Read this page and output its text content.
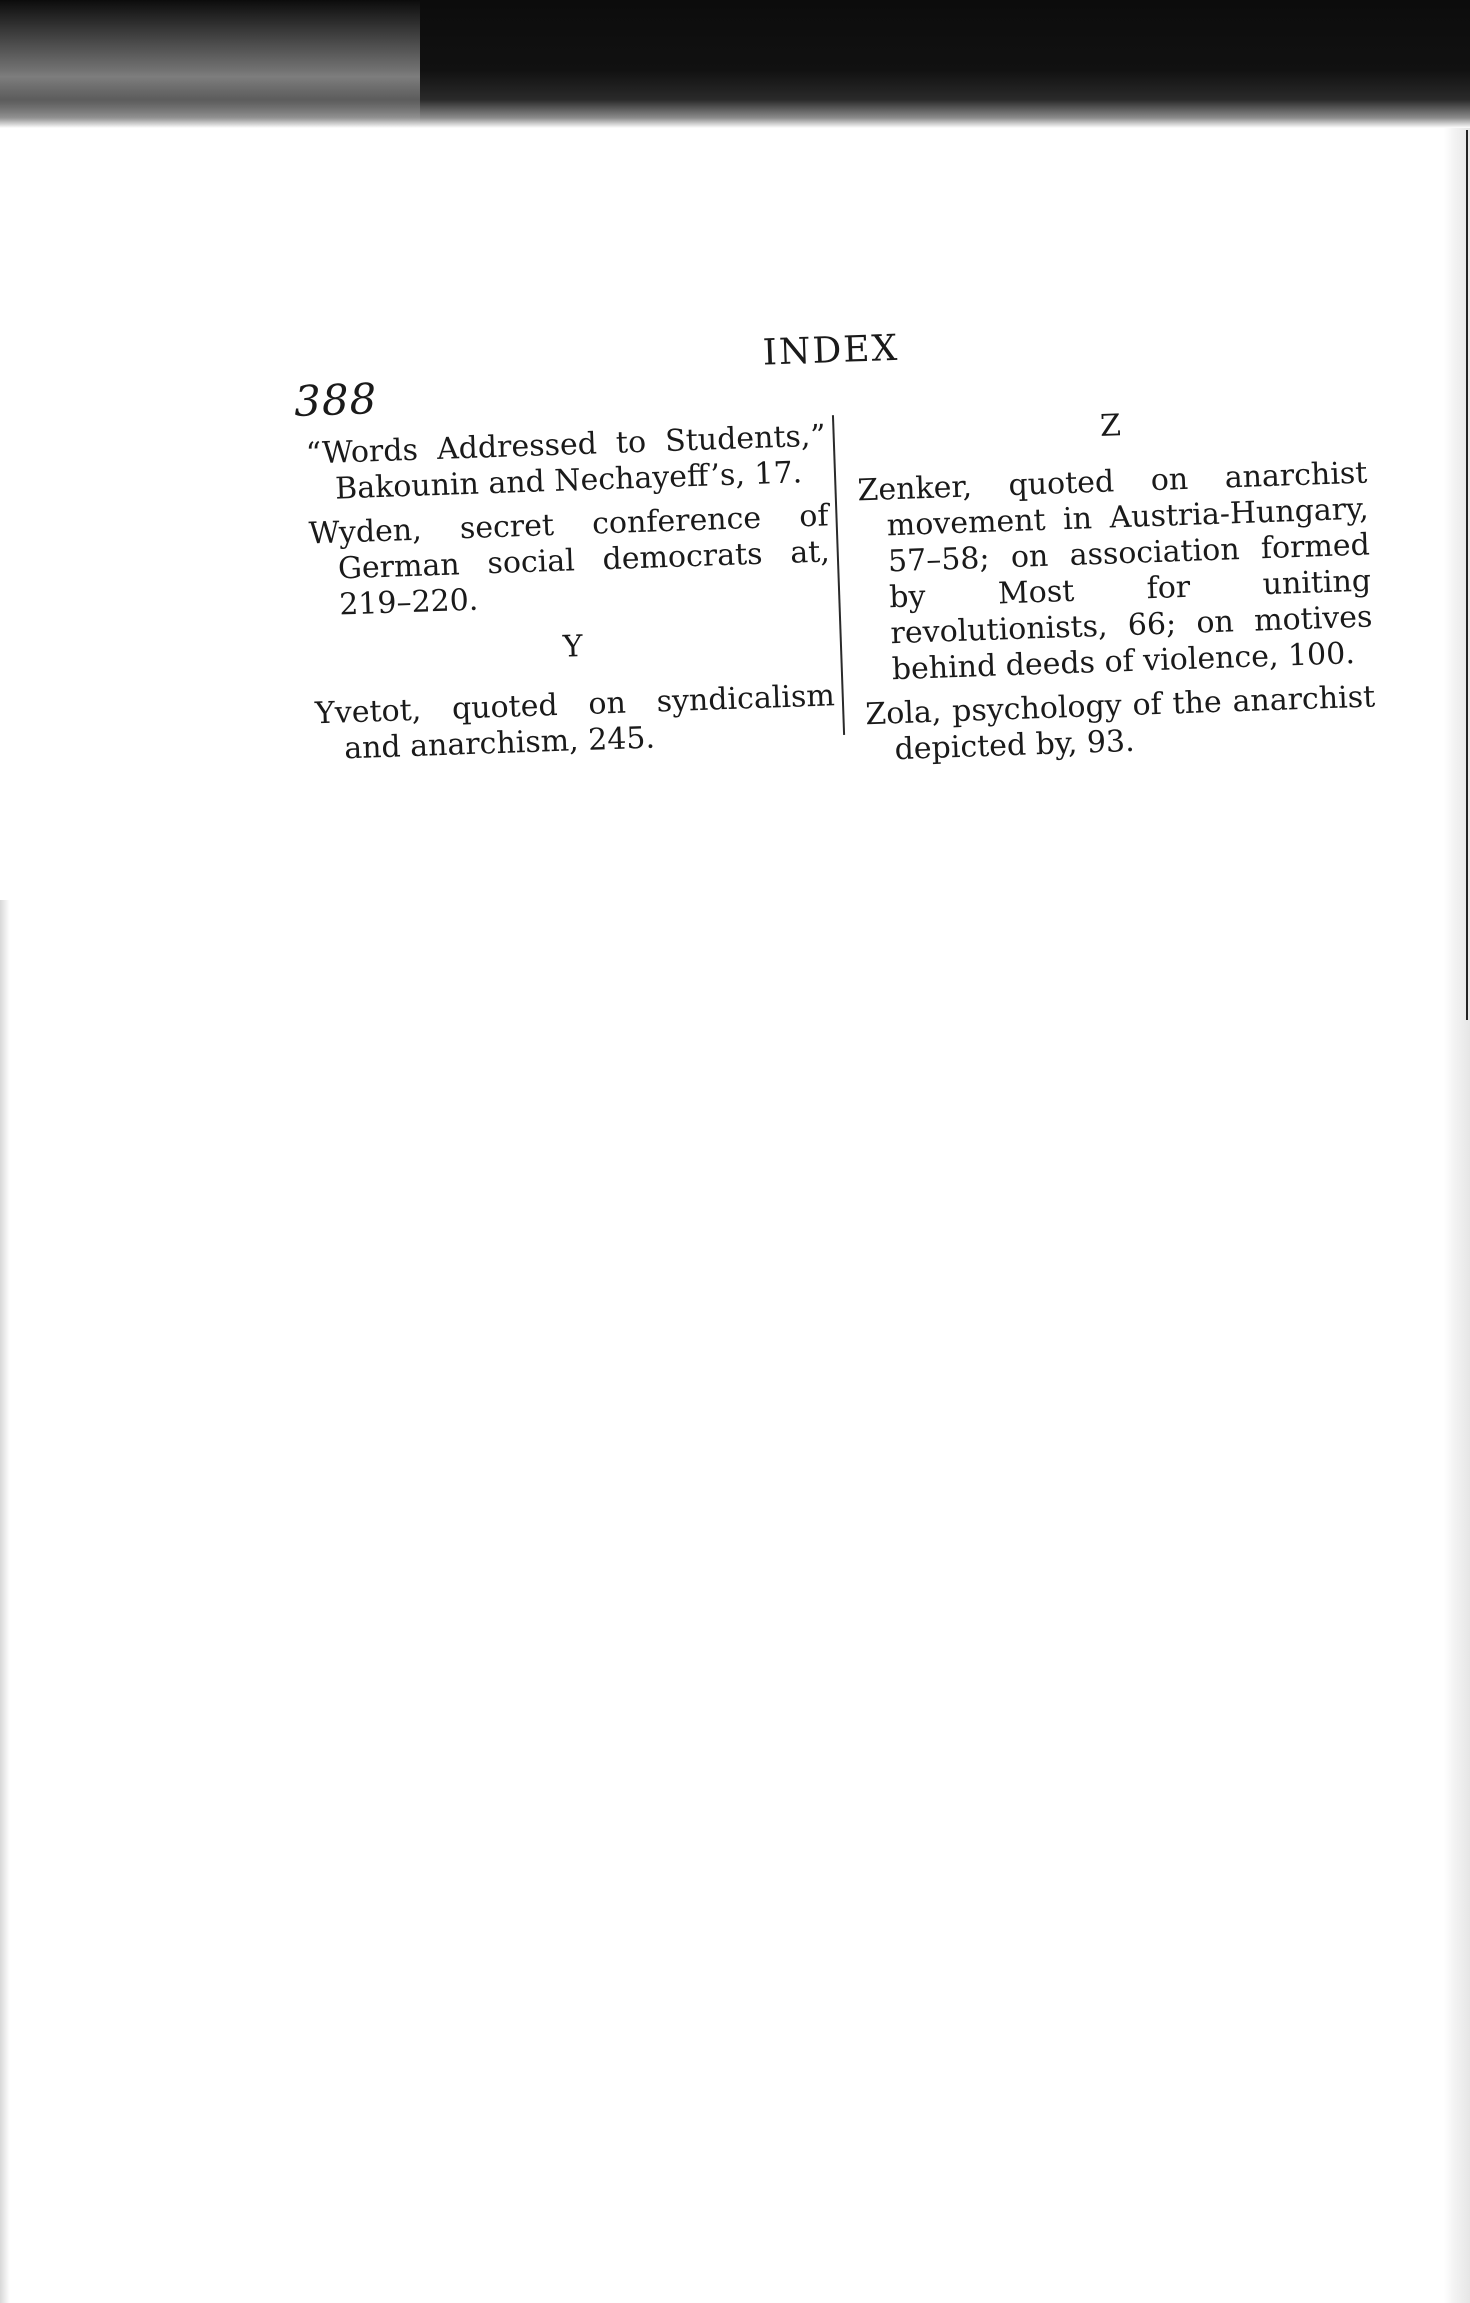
388
INDEX

“Words Addressed to Students,” Bakounin and Nechayeff’s, 17.

Wyden, secret conference of German social democrats at, 219–220.

Y

Yvetot, quoted on syndicalism and anarchism, 245.

Z

Zenker, quoted on anarchist movement in Austria-Hungary, 57–58; on association formed by Most for uniting revolutionists, 66; on motives behind deeds of violence, 100.

Zola, psychology of the anarchist depicted by, 93.
